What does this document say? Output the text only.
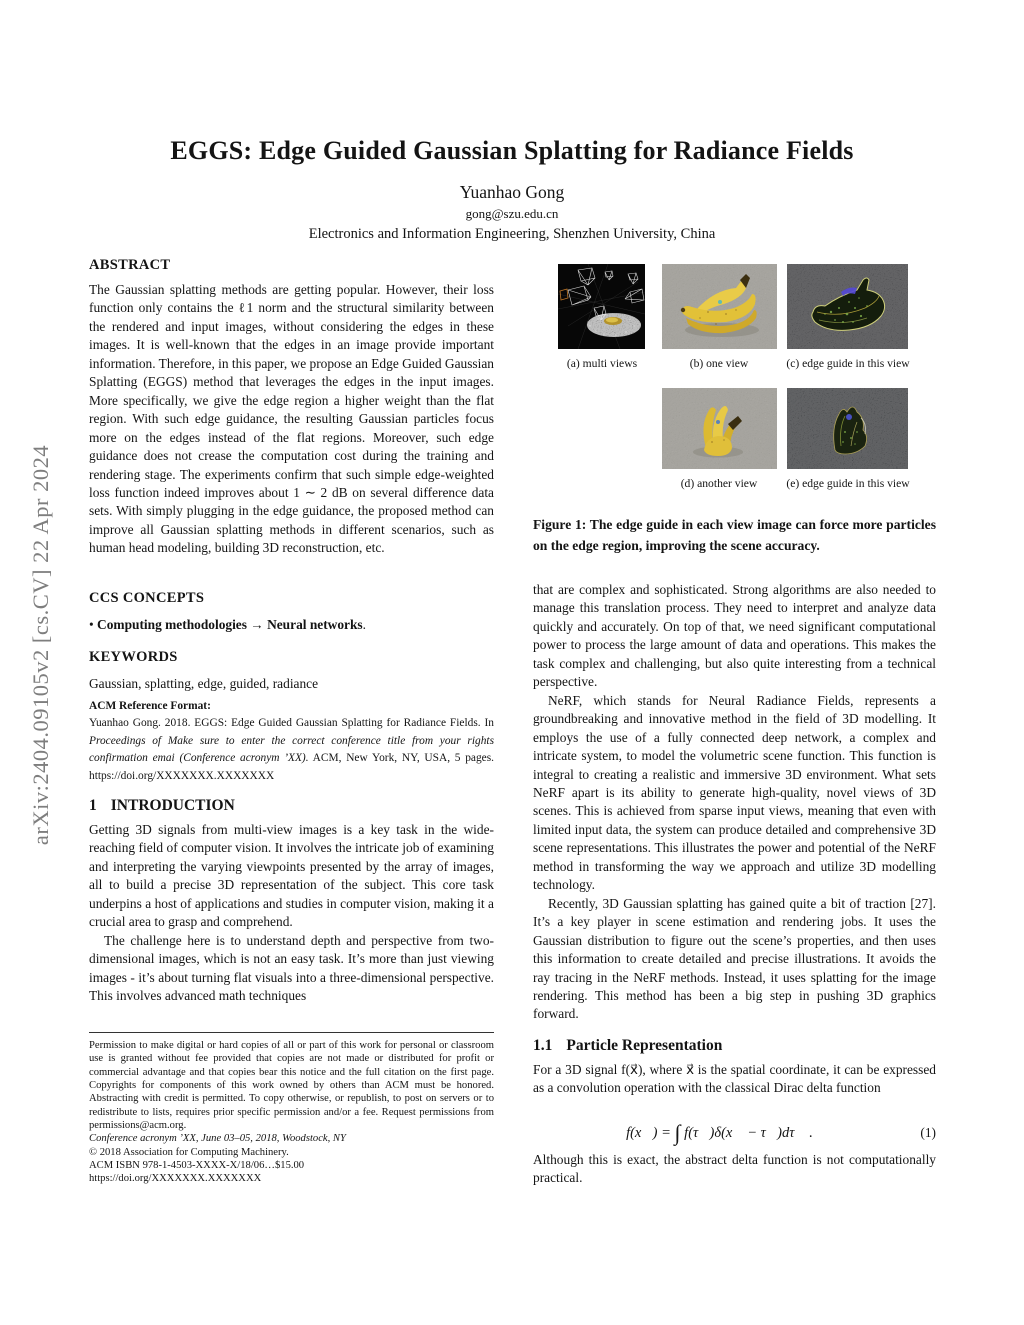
arXiv:2404.09105v2 [cs.CV] 22 Apr 2024
EGGS: Edge Guided Gaussian Splatting for Radiance Fields
Yuanhao Gong
gong@szu.edu.cn
Electronics and Information Engineering, Shenzhen University, China
ABSTRACT
The Gaussian splatting methods are getting popular. However, their loss function only contains the ℓ1 norm and the structural similarity between the rendered and input images, without considering the edges in these images. It is well-known that the edges in an image provide important information. Therefore, in this paper, we propose an Edge Guided Gaussian Splatting (EGGS) method that leverages the edges in the input images. More specifically, we give the edge region a higher weight than the flat region. With such edge guidance, the resulting Gaussian particles focus more on the edges instead of the flat regions. Moreover, such edge guidance does not crease the computation cost during the training and rendering stage. The experiments confirm that such simple edge-weighted loss function indeed improves about 1 ∼ 2 dB on several difference data sets. With simply plugging in the edge guidance, the proposed method can improve all Gaussian splatting methods in different scenarios, such as human head modeling, building 3D reconstruction, etc.
CCS CONCEPTS
• Computing methodologies → Neural networks.
KEYWORDS
Gaussian, splatting, edge, guided, radiance
ACM Reference Format:
Yuanhao Gong. 2018. EGGS: Edge Guided Gaussian Splatting for Radiance Fields. In Proceedings of Make sure to enter the correct conference title from your rights confirmation emai (Conference acronym ’XX). ACM, New York, NY, USA, 5 pages. https://doi.org/XXXXXXX.XXXXXXX
1 INTRODUCTION

Getting 3D signals from multi-view images is a key task in the wide-reaching field of computer vision. It involves the intricate job of examining and interpreting the varying viewpoints presented by the array of images, all to build a precise 3D representation of the subject. This core task underpins a host of applications and studies in computer vision, making it a crucial area to grasp and comprehend.

The challenge here is to understand depth and perspective from two-dimensional images, which is not an easy task. It’s more than just viewing images - it’s about turning flat visuals into a three-dimensional perspective. This involves advanced math techniques

Permission to make digital or hard copies of all or part of this work for personal or classroom use is granted without fee provided that copies are not made or distributed for profit or commercial advantage and that copies bear this notice and the full citation on the first page. Copyrights for components of this work owned by others than ACM must be honored. Abstracting with credit is permitted. To copy otherwise, or republish, to post on servers or to redistribute to lists, requires prior specific permission and/or a fee. Request permissions from permissions@acm.org.

Conference acronym ’XX, June 03–05, 2018, Woodstock, NY

© 2018 Association for Computing Machinery.

ACM ISBN 978-1-4503-XXXX-X/18/06…$15.00

https://doi.org/XXXXXXX.XXXXXXX

(a) multi views	(b) one view	(c) edge guide in this view
(d) another view	(e) edge guide in this view
Figure 1: The edge guide in each view image can force more particles on the edge region, improving the scene accuracy.

that are complex and sophisticated. Strong algorithms are also needed to manage this translation process. They need to interpret and analyze data quickly and accurately. On top of that, we need significant computational power to process the large amount of data and operations. This makes the task complex and challenging, but also quite interesting from a technical perspective.

NeRF, which stands for Neural Radiance Fields, represents a groundbreaking and innovative method in the field of 3D modelling. It employs the use of a fully connected deep network, a complex and intricate system, to model the volumetric scene function. This function is integral to creating a realistic and immersive 3D environment. What sets NeRF apart is its ability to generate high-quality, novel views of 3D scenes. This is achieved from sparse input views, meaning that even with limited input data, the system can produce detailed and comprehensive 3D scene representations. This illustrates the power and potential of the NeRF method in transforming the way we approach and utilize 3D modelling technology.

Recently, 3D Gaussian splatting has gained quite a bit of traction [27]. It’s a key player in scene estimation and rendering jobs. It uses the Gaussian distribution to figure out the scene’s properties, and then uses this information to create detailed and precise illustrations. It avoids the ray tracing in the NeRF methods. Instead, it uses splatting for the image rendering. This method has been a big step in pushing 3D graphics forward.

1.1 Particle Representation
For a 3D signal f(x⃗), where x⃗ is the spatial coordinate, it can be expressed as a convolution operation with the classical Dirac delta function
f(x⃗) = ∫ f(τ⃗)δ(x⃗ − τ⃗)dτ⃗ .	(1)
Although this is exact, the abstract delta function is not computationally practical.
